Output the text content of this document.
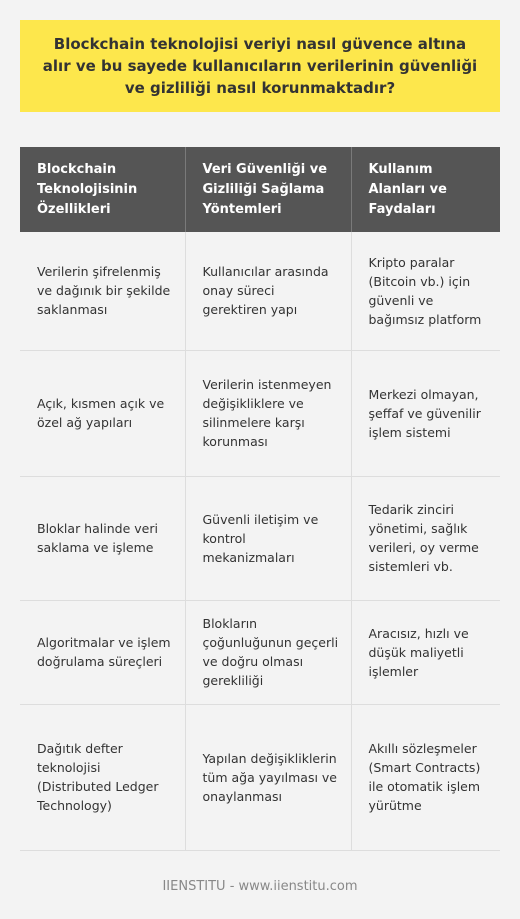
Blockchain teknolojisi veriyi nasıl güvence altına alır ve bu sayede kullanıcıların verilerinin güvenliği ve gizliliği nasıl korunmaktadır?
Blockchain Teknolojisinin Özellikleri	Veri Güvenliği ve Gizliliği Sağlama Yöntemleri	Kullanım Alanları ve Faydaları
Verilerin şifrelenmiş ve dağınık bir şekilde saklanması	Kullanıcılar arasında onay süreci gerektiren yapı	Kripto paralar (Bitcoin vb.) için güvenli ve bağımsız platform
Açık, kısmen açık ve özel ağ yapıları	Verilerin istenmeyen değişikliklere ve silinmelere karşı korunması	Merkezi olmayan, şeffaf ve güvenilir işlem sistemi
Bloklar halinde veri saklama ve işleme	Güvenli iletişim ve kontrol mekanizmaları	Tedarik zinciri yönetimi, sağlık verileri, oy verme sistemleri vb.
Algoritmalar ve işlem doğrulama süreçleri	Blokların çoğunluğunun geçerli ve doğru olması gerekliliği	Aracısız, hızlı ve düşük maliyetli işlemler
Dağıtık defter teknolojisi (Distributed Ledger Technology)	Yapılan değişikliklerin tüm ağa yayılması ve onaylanması	Akıllı sözleşmeler (Smart Contracts) ile otomatik işlem yürütme
IIENSTITU - www.iienstitu.com
